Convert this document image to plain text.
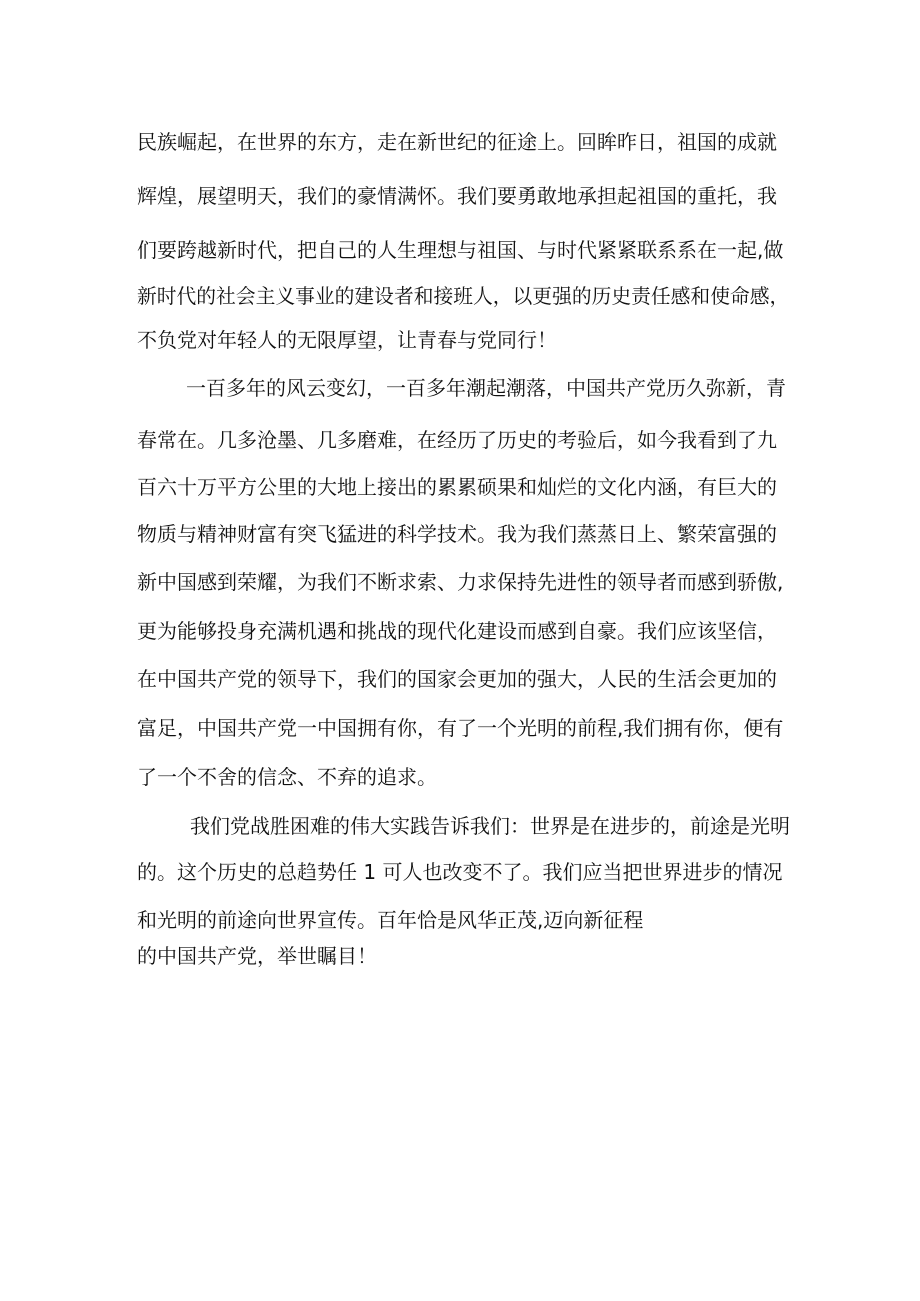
民族崛起，在世界的东方，走在新世纪的征途上。回眸昨日，祖国的成就

辉煌，展望明天，我们的豪情满怀。我们要勇敢地承担起祖国的重托，我

们要跨越新时代，把自己的人生理想与祖国、与时代紧紧联系系在一起,做

新时代的社会主义事业的建设者和接班人，以更强的历史责任感和使命感，

不负党对年轻人的无限厚望，让青春与党同行！

一百多年的风云变幻，一百多年潮起潮落，中国共产党历久弥新，青

春常在。几多沧墨、几多磨难，在经历了历史的考验后，如今我看到了九

百六十万平方公里的大地上接出的累累硕果和灿烂的文化内涵，有巨大的

物质与精神财富有突飞猛进的科学技术。我为我们蒸蒸日上、繁荣富强的

新中国感到荣耀，为我们不断求索、力求保持先进性的领导者而感到骄傲,

更为能够投身充满机遇和挑战的现代化建设而感到自豪。我们应该坚信，

在中国共产党的领导下，我们的国家会更加的强大，人民的生活会更加的

富足，中国共产党一中国拥有你，有了一个光明的前程,我们拥有你，便有

了一个不舍的信念、不弃的追求。

我们党战胜困难的伟大实践告诉我们：世界是在进步的，前途是光明

的。这个历史的总趋势任 1 可人也改变不了。我们应当把世界进步的情况

和光明的前途向世界宣传。百年恰是风华正茂,迈向新征程

的中国共产党，举世瞩目！
